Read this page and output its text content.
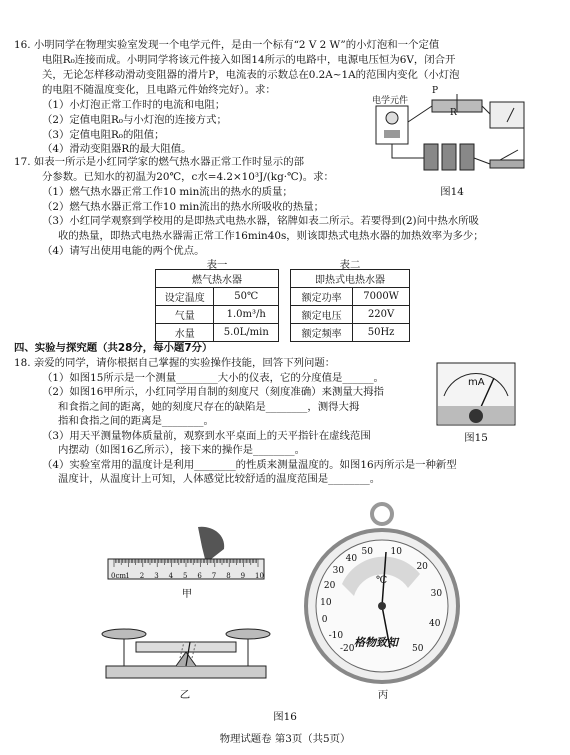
16. 小明同学在物理实验室发现一个电学元件，是由一个标有“2 V 2 W”的小灯泡和一个定值
电阻R₀连接而成。小明同学将该元件接入如图14所示的电路中，电源电压恒为6V，闭合开
关，无论怎样移动滑动变阻器的滑片P，电流表的示数总在0.2A~1A的范围内变化（小灯泡
的电阻不随温度变化，且电路元件始终完好）。求：
（1）小灯泡正常工作时的电流和电阻；
（2）定值电阻R₀与小灯泡的连接方式；
（3）定值电阻R₀的阻值；
（4）滑动变阻器R的最大阻值。
电学元件
P
R
图14
17. 如表一所示是小红同学家的燃气热水器正常工作时显示的部
分参数。已知水的初温为20℃，c水=4.2×10³J/(kg·℃)。求：
（1）燃气热水器正常工作10 min流出的热水的质量；
（2）燃气热水器正常工作10 min流出的热水所吸收的热量；
（3）小红同学观察到学校用的是即热式电热水器，铭牌如表二所示。若要得到(2)问中热水所吸
收的热量，即热式电热水器需正常工作16min40s，则该即热式电热水器的加热效率为多少；
（4）请写出使用电能的两个优点。
表一
燃气热水器	
设定温度	50℃
气量	1.0m³/h
水量	5.0L/min
表二
即热式电热水器	
额定功率	7000W
额定电压	220V
额定频率	50Hz
四、实验与探究题（共28分，每小题7分）
18. 亲爱的同学，请你根据自己掌握的实验操作技能，回答下列问题：
（1）如图15所示是一个测量________大小的仪表，它的分度值是______。
（2）如图16甲所示，小红同学用自制的刻度尺（刻度准确）来测量大拇指
和食指之间的距离，她的刻度尺存在的缺陷是________，测得大拇
指和食指之间的距离是________。
（3）用天平测量物体质量前，观察到水平桌面上的天平指针在虚线范围
内摆动（如图16乙所示），接下来的操作是________。
（4）实验室常用的温度计是利用________的性质来测量温度的。如图16丙所示是一种新型
温度计，从温度计上可知，人体感觉比较舒适的温度范围是________。
mA
图15
0cm 1 2 3 4 5 6 7 8 9 10
甲
乙
℃
格物致知
50
40
30
20
10
0
-10
-20
10
20
30
40
50
丙
图16
物理试题卷 第3页（共5页）
